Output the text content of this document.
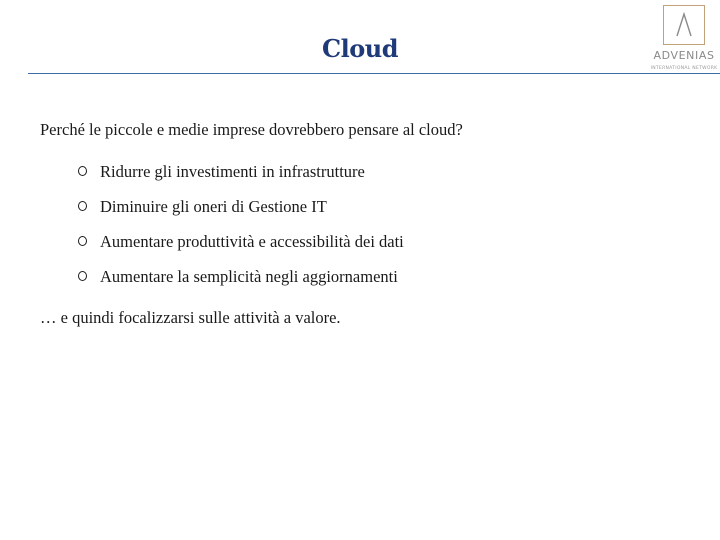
Cloud	ADVENIAS
INTERNATIONAL NETWORK
Perché le piccole e medie imprese dovrebbero pensare al cloud?
Ridurre gli investimenti in infrastrutture
Diminuire gli oneri di Gestione IT
Aumentare produttività e accessibilità dei dati
Aumentare la semplicità negli aggiornamenti
… e quindi focalizzarsi sulle attività a valore.
